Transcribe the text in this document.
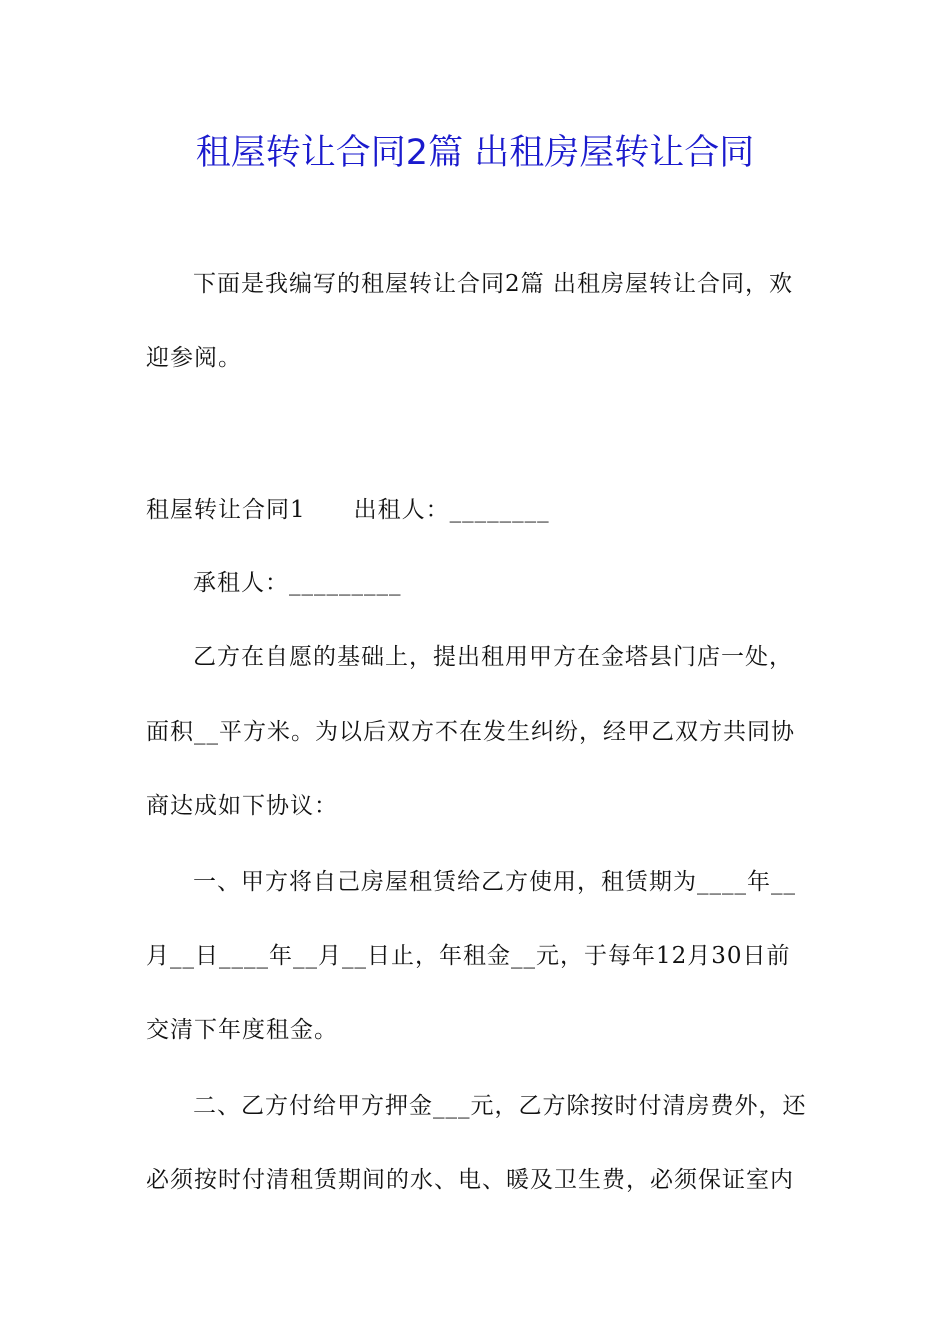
租屋转让合同2篇 出租房屋转让合同
下面是我编写的租屋转让合同2篇 出租房屋转让合同，欢
迎参阅。
租屋转让合同1　　出租人：________
承租人：_________
乙方在自愿的基础上，提出租用甲方在金塔县门店一处，
面积__平方米。为以后双方不在发生纠纷，经甲乙双方共同协
商达成如下协议：
一、甲方将自己房屋租赁给乙方使用，租赁期为____年__
月__日____年__月__日止，年租金__元，于每年12月30日前
交清下年度租金。
二、乙方付给甲方押金___元，乙方除按时付清房费外，还
必须按时付清租赁期间的水、电、暖及卫生费，必须保证室内
